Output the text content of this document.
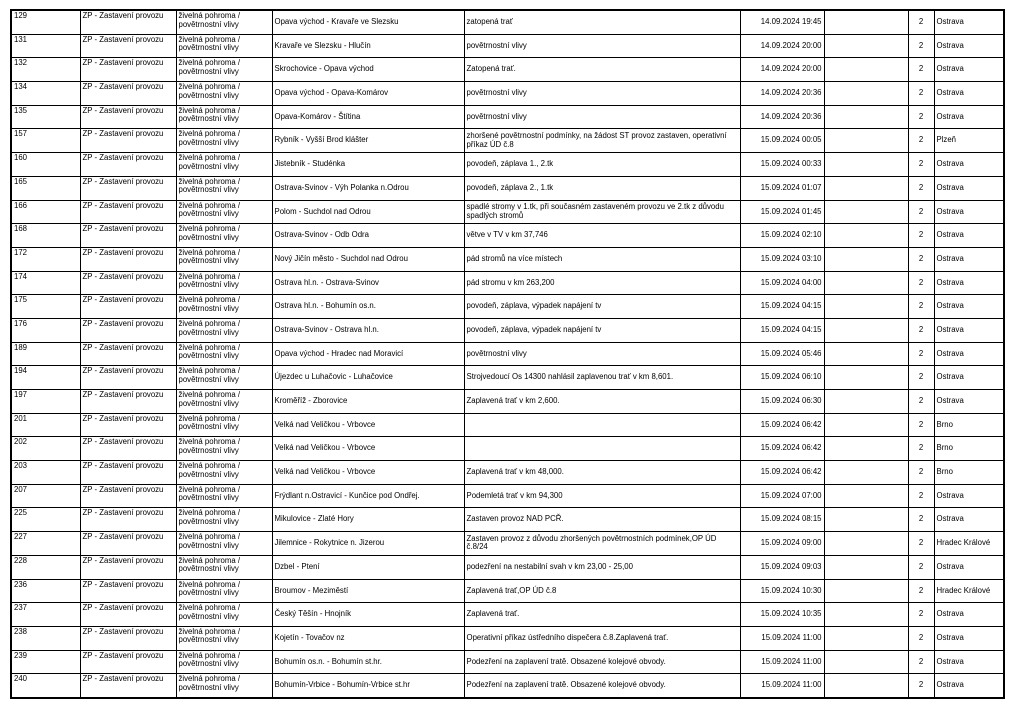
129	ZP - Zastavení provozu	živelná pohroma / povětrnostní vlivy	Opava východ - Kravaře ve Slezsku	zatopená trať	14.09.2024 19:45		2	Ostrava
131	ZP - Zastavení provozu	živelná pohroma / povětrnostní vlivy	Kravaře ve Slezsku - Hlučín	povětrnostní vlivy	14.09.2024 20:00		2	Ostrava
132	ZP - Zastavení provozu	živelná pohroma / povětrnostní vlivy	Skrochovice - Opava východ	Zatopená trať.	14.09.2024 20:00		2	Ostrava
134	ZP - Zastavení provozu	živelná pohroma / povětrnostní vlivy	Opava východ - Opava-Komárov	povětrnostní vlivy	14.09.2024 20:36		2	Ostrava
135	ZP - Zastavení provozu	živelná pohroma / povětrnostní vlivy	Opava-Komárov - Štítina	povětrnostní vlivy	14.09.2024 20:36		2	Ostrava
157	ZP - Zastavení provozu	živelná pohroma / povětrnostní vlivy	Rybník - Vyšší Brod klášter	zhoršené povětrnostní podmínky, na žádost ST provoz zastaven, operativní příkaz ÚD č.8	15.09.2024 00:05		2	Plzeň
160	ZP - Zastavení provozu	živelná pohroma / povětrnostní vlivy	Jistebník - Studénka	povodeň, záplava 1., 2.tk	15.09.2024 00:33		2	Ostrava
165	ZP - Zastavení provozu	živelná pohroma / povětrnostní vlivy	Ostrava-Svinov - Výh Polanka n.Odrou	povodeň, záplava 2., 1.tk	15.09.2024 01:07		2	Ostrava
166	ZP - Zastavení provozu	živelná pohroma / povětrnostní vlivy	Polom - Suchdol nad Odrou	spadlé stromy v 1.tk, při současném zastaveném provozu ve 2.tk z důvodu spadlých stromů	15.09.2024 01:45		2	Ostrava
168	ZP - Zastavení provozu	živelná pohroma / povětrnostní vlivy	Ostrava-Svinov - Odb Odra	větve v TV v km 37,746	15.09.2024 02:10		2	Ostrava
172	ZP - Zastavení provozu	živelná pohroma / povětrnostní vlivy	Nový Jičín město - Suchdol nad Odrou	pád stromů na více místech	15.09.2024 03:10		2	Ostrava
174	ZP - Zastavení provozu	živelná pohroma / povětrnostní vlivy	Ostrava hl.n. - Ostrava-Svinov	pád stromu v km 263,200	15.09.2024 04:00		2	Ostrava
175	ZP - Zastavení provozu	živelná pohroma / povětrnostní vlivy	Ostrava hl.n. - Bohumín os.n.	povodeň, záplava, výpadek napájení tv	15.09.2024 04:15		2	Ostrava
176	ZP - Zastavení provozu	živelná pohroma / povětrnostní vlivy	Ostrava-Svinov - Ostrava hl.n.	povodeň, záplava, výpadek napájení tv	15.09.2024 04:15		2	Ostrava
189	ZP - Zastavení provozu	živelná pohroma / povětrnostní vlivy	Opava východ - Hradec nad Moravicí	povětrnostní vlivy	15.09.2024 05:46		2	Ostrava
194	ZP - Zastavení provozu	živelná pohroma / povětrnostní vlivy	Újezdec u Luhačovic - Luhačovice	Strojvedoucí Os 14300 nahlásil zaplavenou trať v km 8,601.	15.09.2024 06:10		2	Ostrava
197	ZP - Zastavení provozu	živelná pohroma / povětrnostní vlivy	Kroměříž - Zborovice	Zaplavená trať v km 2,600.	15.09.2024 06:30		2	Ostrava
201	ZP - Zastavení provozu	živelná pohroma / povětrnostní vlivy	Velká nad Veličkou - Vrbovce		15.09.2024 06:42		2	Brno
202	ZP - Zastavení provozu	živelná pohroma / povětrnostní vlivy	Velká nad Veličkou - Vrbovce		15.09.2024 06:42		2	Brno
203	ZP - Zastavení provozu	živelná pohroma / povětrnostní vlivy	Velká nad Veličkou - Vrbovce	Zaplavená trať v km 48,000.	15.09.2024 06:42		2	Brno
207	ZP - Zastavení provozu	živelná pohroma / povětrnostní vlivy	Frýdlant n.Ostravicí - Kunčice pod Ondřej.	Podemletá trať v km 94,300	15.09.2024 07:00		2	Ostrava
225	ZP - Zastavení provozu	živelná pohroma / povětrnostní vlivy	Mikulovice - Zlaté Hory	Zastaven provoz NAD PCŘ.	15.09.2024 08:15		2	Ostrava
227	ZP - Zastavení provozu	živelná pohroma / povětrnostní vlivy	Jilemnice - Rokytnice n. Jizerou	Zastaven provoz z důvodu zhoršených povětrnostních podmínek,OP ÚD č.8/24	15.09.2024 09:00		2	Hradec Králové
228	ZP - Zastavení provozu	živelná pohroma / povětrnostní vlivy	Dzbel - Ptení	podezření na nestabilní svah v km 23,00 - 25,00	15.09.2024 09:03		2	Ostrava
236	ZP - Zastavení provozu	živelná pohroma / povětrnostní vlivy	Broumov - Meziměstí	Zaplavená trať,OP ÚD č.8	15.09.2024 10:30		2	Hradec Králové
237	ZP - Zastavení provozu	živelná pohroma / povětrnostní vlivy	Český Těšín - Hnojník	Zaplavená trať.	15.09.2024 10:35		2	Ostrava
238	ZP - Zastavení provozu	živelná pohroma / povětrnostní vlivy	Kojetín - Tovačov nz	Operativní příkaz ústředního dispečera č.8.Zaplavená trať.	15.09.2024 11:00		2	Ostrava
239	ZP - Zastavení provozu	živelná pohroma / povětrnostní vlivy	Bohumín os.n. - Bohumín st.hr.	Podezření na zaplavení tratě. Obsazené kolejové obvody.	15.09.2024 11:00		2	Ostrava
240	ZP - Zastavení provozu	živelná pohroma / povětrnostní vlivy	Bohumín-Vrbice - Bohumín-Vrbice st.hr	Podezření na zaplavení tratě. Obsazené kolejové obvody.	15.09.2024 11:00		2	Ostrava
